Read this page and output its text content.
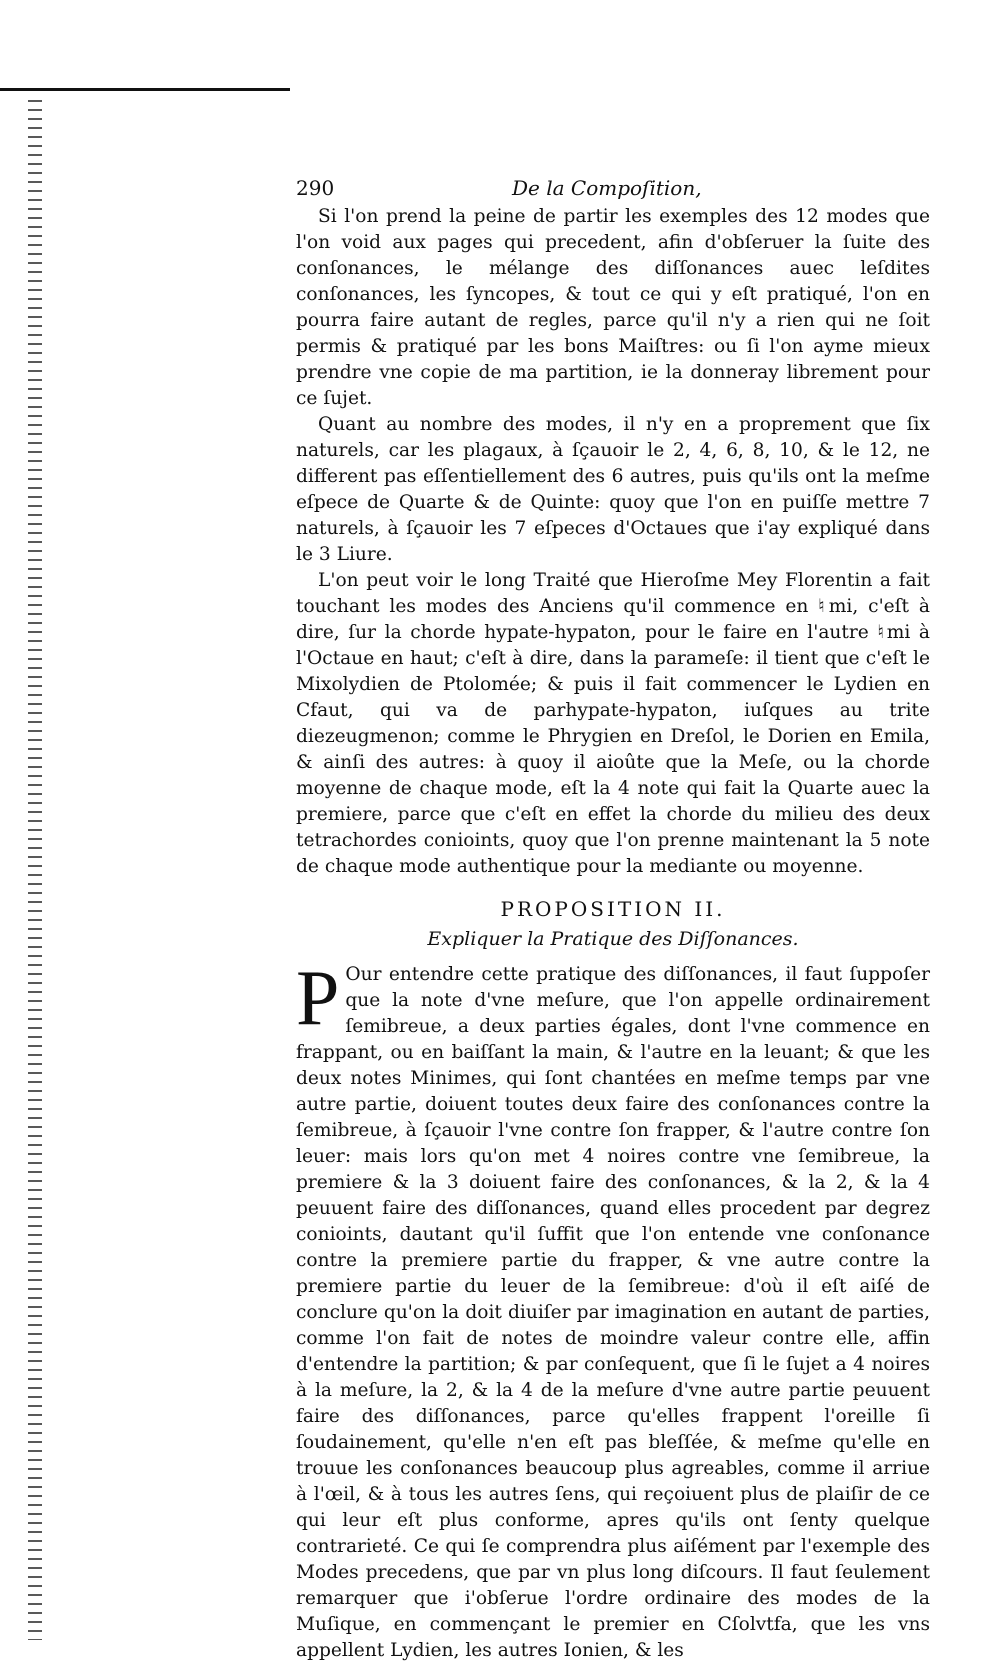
290	De la Compoſition,

Si l'on prend la peine de partir les exemples des 12 modes que l'on void aux pages qui precedent, afin d'obſeruer la ſuite des conſonances, le mélange des diſſonances auec leſdites conſonances, les ſyncopes, & tout ce qui y eſt pratiqué, l'on en pourra faire autant de regles, parce qu'il n'y a rien qui ne ſoit permis & pratiqué par les bons Maiſtres: ou ſi l'on ayme mieux prendre vne copie de ma partition, ie la donneray librement pour ce ſujet.

Quant au nombre des modes, il n'y en a proprement que ſix naturels, car les plagaux, à ſçauoir le 2, 4, 6, 8, 10, & le 12, ne different pas eſſentiellement des 6 autres, puis qu'ils ont la meſme eſpece de Quarte & de Quinte: quoy que l'on en puiſſe mettre 7 naturels, à ſçauoir les 7 eſpeces d'Octaues que i'ay expliqué dans le 3 Liure.

L'on peut voir le long Traité que Hieroſme Mey Florentin a fait touchant les modes des Anciens qu'il commence en ♮mi, c'eſt à dire, ſur la chorde hypate-hypaton, pour le faire en l'autre ♮mi à l'Octaue en haut; c'eſt à dire, dans la parameſe: il tient que c'eſt le Mixolydien de Ptolomée; & puis il fait commencer le Lydien en Cfaut, qui va de parhypate-hypaton, iuſques au trite diezeugmenon; comme le Phrygien en Dreſol, le Dorien en Emila, & ainſi des autres: à quoy il aioûte que la Meſe, ou la chorde moyenne de chaque mode, eſt la 4 note qui fait la Quarte auec la premiere, parce que c'eſt en effet la chorde du milieu des deux tetrachordes conioints, quoy que l'on prenne maintenant la 5 note de chaque mode authentique pour la mediante ou moyenne.

PROPOSITION II.
Expliquer la Pratique des Diſſonances.

P Our entendre cette pratique des diſſonances, il faut ſuppoſer que la note d'vne meſure, que l'on appelle ordinairement ſemibreue, a deux parties égales, dont l'vne commence en frappant, ou en baiſſant la main, & l'autre en la leuant; & que les deux notes Minimes, qui ſont chantées en meſme temps par vne autre partie, doiuent toutes deux faire des conſonances contre la ſemibreue, à ſçauoir l'vne contre ſon frapper, & l'autre contre ſon leuer: mais lors qu'on met 4 noires contre vne ſemibreue, la premiere & la 3 doiuent faire des conſonances, & la 2, & la 4 peuuent faire des diſſonances, quand elles procedent par degrez conioints, dautant qu'il ſuffit que l'on entende vne conſonance contre la premiere partie du frapper, & vne autre contre la premiere partie du leuer de la ſemibreue: d'où il eſt aiſé de conclure qu'on la doit diuiſer par imagination en autant de parties, comme l'on fait de notes de moindre valeur contre elle, affin d'entendre la partition; & par conſequent, que ſi le ſujet a 4 noires à la meſure, la 2, & la 4 de la meſure d'vne autre partie peuuent faire des diſſonances, parce qu'elles frappent l'oreille ſi ſoudainement, qu'elle n'en eſt pas bleſſée, & meſme qu'elle en trouue les conſonances beaucoup plus agreables, comme il arriue à l'œil, & à tous les autres ſens, qui reçoiuent plus de plaiſir de ce qui leur eſt plus conforme, apres qu'ils ont ſenty quelque contrarieté. Ce qui ſe comprendra plus aiſément par l'exemple des Modes precedens, que par vn plus long diſcours. Il faut ſeulement remarquer que i'obſerue l'ordre ordinaire des modes de la Muſique, en commençant le premier en Cſolvtfa, que les vns appellent Lydien, les autres Ionien, & les
